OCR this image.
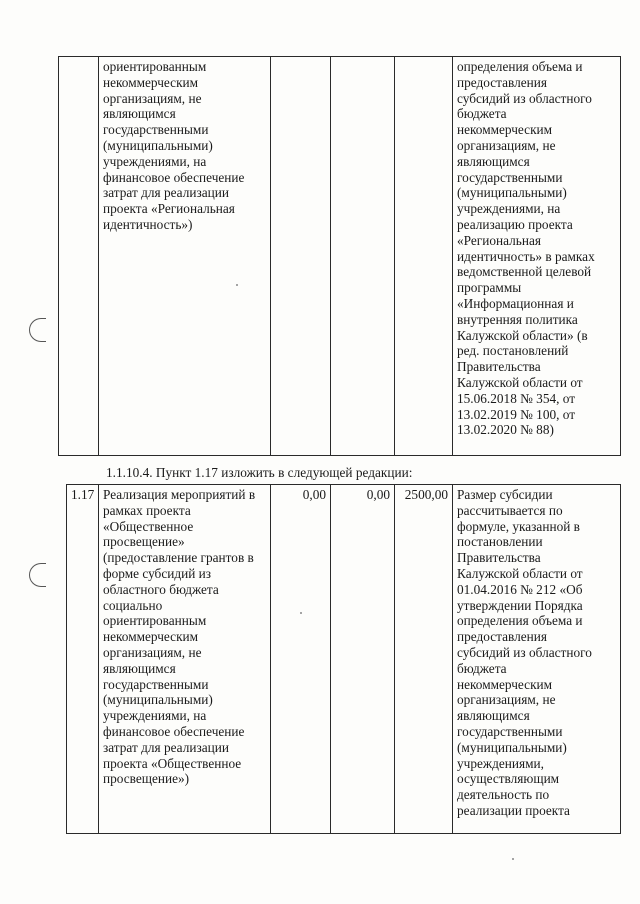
	ориентированным
некоммерческим
организациям, не
являющимся
государственными
(муниципальными)
учреждениями, на
финансовое обеспечение
затрат для реализации
проекта «Региональная
идентичность»)				определения объема и
предоставления
субсидий из областного
бюджета
некоммерческим
организациям, не
являющимся
государственными
(муниципальными)
учреждениями, на
реализацию проекта
«Региональная
идентичность» в рамках
ведомственной целевой
программы
«Информационная и
внутренняя политика
Калужской области» (в
ред. постановлений
Правительства
Калужской области от
15.06.2018 № 354, от
13.02.2019 № 100, от
13.02.2020 № 88)
1.1.10.4. Пункт 1.17 изложить в следующей редакции:
1.17	Реализация мероприятий в
рамках проекта
«Общественное
просвещение»
(предоставление грантов в
форме субсидий из
областного бюджета
социально
ориентированным
некоммерческим
организациям, не
являющимся
государственными
(муниципальными)
учреждениями, на
финансовое обеспечение
затрат для реализации
проекта «Общественное
просвещение»)	0,00	0,00	2500,00	Размер субсидии
рассчитывается по
формуле, указанной в
постановлении
Правительства
Калужской области от
01.04.2016 № 212 «Об
утверждении Порядка
определения объема и
предоставления
субсидий из областного
бюджета
некоммерческим
организациям, не
являющимся
государственными
(муниципальными)
учреждениями,
осуществляющим
деятельность по
реализации проекта
